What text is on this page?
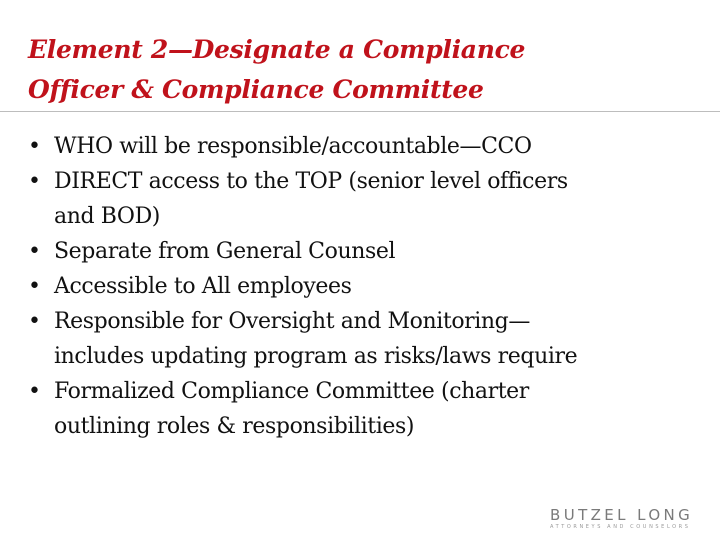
Element 2—Designate a Compliance
Officer & Compliance Committee
• WHO will be responsible/accountable—CCO
• DIRECT access to the TOP (senior level officers
and BOD)
• Separate from General Counsel
• Accessible to All employees
• Responsible for Oversight and Monitoring—
includes updating program as risks/laws require
• Formalized Compliance Committee (charter
outlining roles & responsibilities)
BUTZEL LONG
ATTORNEYS AND COUNSELORS
